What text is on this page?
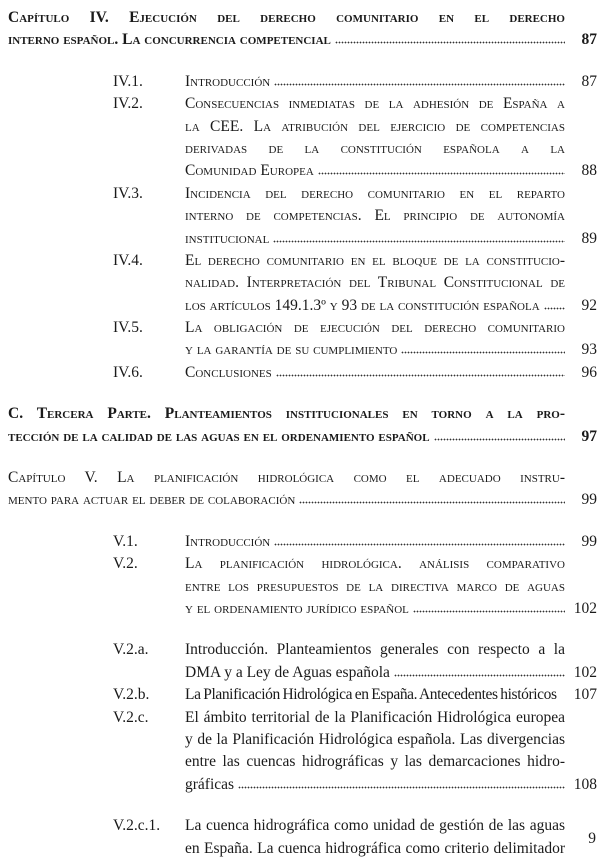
Capítulo IV. Ejecución del derecho comunitario en el derecho
interno español. La concurrencia competencial	87
IV.1.	Introducción	87
IV.2.	Consecuencias inmediatas de la adhesión de España a
la CEE. La atribución del ejercicio de competencias
derivadas de la constitución española a la
Comunidad Europea	88
IV.3.	Incidencia del derecho comunitario en el reparto
interno de competencias. El principio de autonomía
institucional	89
IV.4.	El derecho comunitario en el bloque de la constitucio-
nalidad. Interpretación del Tribunal Constitucional de
los artículos 149.1.3º y 93 de la constitución española	92
IV.5.	La obligación de ejecución del derecho comunitario
y la garantía de su cumplimiento	93
IV.6.	Conclusiones	96
C. Tercera Parte. Planteamientos institucionales en torno a la pro-
tección de la calidad de las aguas en el ordenamiento español	97
Capítulo V. La planificación hidrológica como el adecuado instru-
mento para actuar el deber de colaboración	99
V.1.	Introducción	99
V.2.	La planificación hidrológica. análisis comparativo
entre los presupuestos de la directiva marco de aguas
y el ordenamiento jurídico español	102
V.2.a. Introducción. Planteamientos generales con respecto a la
DMA y a Ley de Aguas española	102
V.2.b. La Planificación Hidrológica en España. Antecedentes históricos	107
V.2.c. El ámbito territorial de la Planificación Hidrológica europea
y de la Planificación Hidrológica española. Las divergencias
entre las cuencas hidrográficas y las demarcaciones hidro-
gráficas	108
V.2.c.1. La cuenca hidrográfica como unidad de gestión de las aguas
en España. La cuenca hidrográfica como criterio delimitador
9
